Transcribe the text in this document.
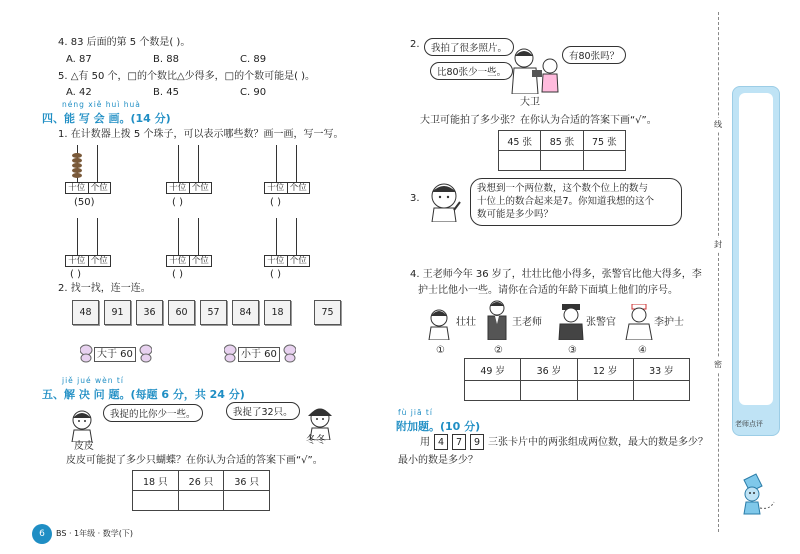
4. 83 后面的第 5 个数是( )。
A. 87	B. 88	C. 89
5. △有 50 个，□的个数比△少得多，□的个数可能是( )。
A. 42	B. 45	C. 90
néng xiě huì huà
四、能 写 会 画。(14 分)
1. 在计数器上拨 5 个珠子，可以表示哪些数？画一画，写一写。
十位 个位
(50)
十位 个位
( )
十位 个位
( )
十位 个位
( )
十位 个位
( )
十位 个位
( )
2. 找一找，连一连。
48	91	36	60	57	84	18	75
大于 60	小于 60
jiě jué wèn tí
五、解 决 问 题。(每题 6 分，共 24 分)
我捉的比你少一些。
皮皮
我捉了32只。
冬冬
皮皮可能捉了多少只蝴蝶？在你认为合适的答案下画“√”。
18 只	26 只	36 只

6	BS · 1年级 · 数学(下)
2.	我拍了很多照片。
比80张少一些。
有80张吗？
大卫
大卫可能拍了多少张？在你认为合适的答案下画“√”。
45 张	85 张	75 张

3.
我想到一个两位数，这个数个位上的数与
十位上的数合起来是7。你知道我想的这个
数可能是多少吗？
4. 王老师今年 36 岁了，壮壮比他小得多，张警官比他大得多，李
护士比他小一些。请你在合适的年龄下面填上他们的序号。
壮壮	王老师	张警官	李护士
①	②	③	④
49 岁	36 岁	12 岁	33 岁

fù jiā tí
附加题。(10 分)
用 4	7	9 三张卡片中的两张组成两位数，最大的数是多少？
最小的数是多少？
线
封
密
老师点评
